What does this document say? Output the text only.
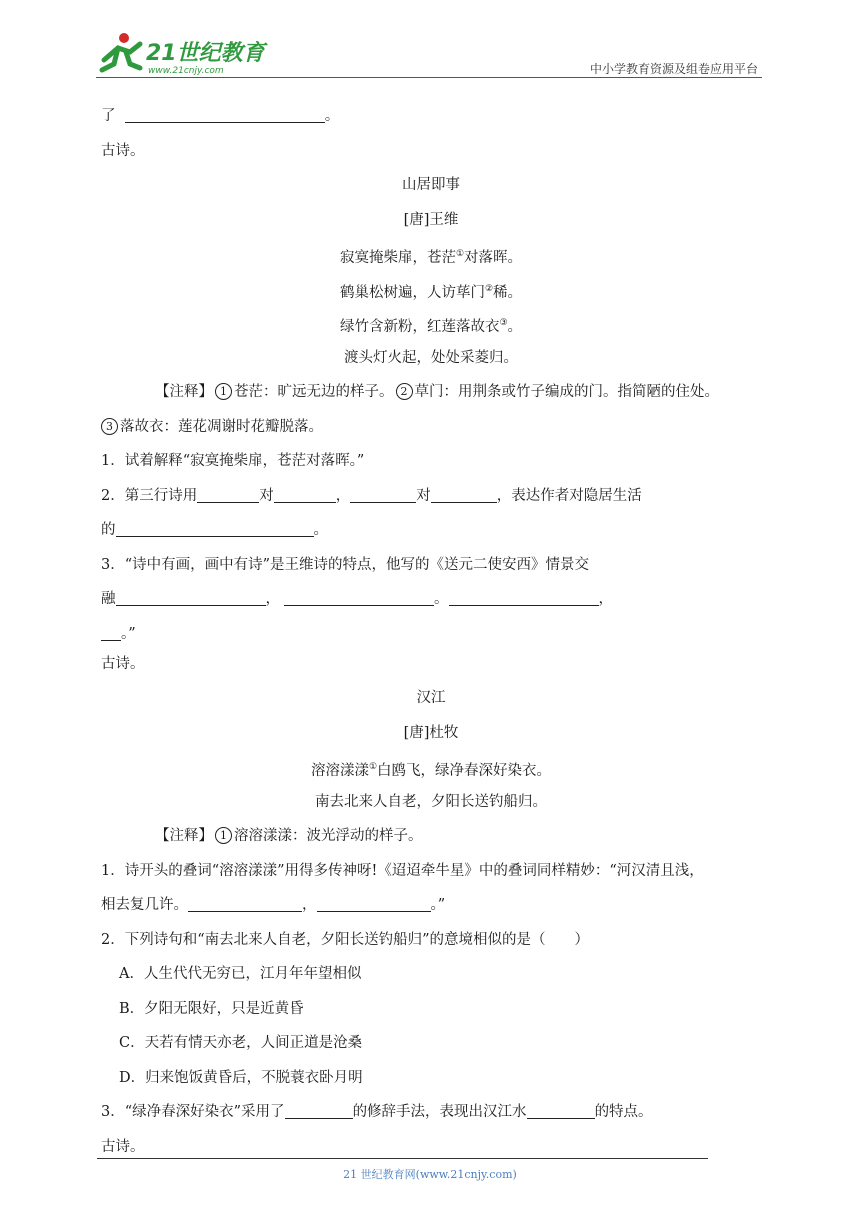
21世纪教育
www.21cnjy.com	中小学教育资源及组卷应用平台
了	。
古诗。
山居即事
[唐]王维
寂寞掩柴扉，苍茫①对落晖。
鹤巢松树遍，人访荜门②稀。
绿竹含新粉，红莲落故衣③。
渡头灯火起，处处采菱归。
【注释】 1 苍茫：旷远无边的样子。 2 草门：用荆条或竹子编成的门。指简陋的住处。
3 落故衣：莲花凋谢时花瓣脱落。
1．试着解释“寂寞掩柴扉，苍茫对落晖。”
2．第三行诗用	对	，	对	，表达作者对隐居生活
的	。
3．“诗中有画，画中有诗”是王维诗的特点，他写的《送元二使安西》情景交
融	，	。	，
。”
古诗。
汉江
[唐]杜牧
溶溶漾漾①白鸥飞，绿净春深好染衣。
南去北来人自老，夕阳长送钓船归。
【注释】 1 溶溶漾漾：波光浮动的样子。
1．诗开头的叠词“溶溶漾漾”用得多传神呀!《迢迢牵牛星》中的叠词同样精妙：“河汉清且浅，
相去复几许。	，	。”
2．下列诗句和“南去北来人自老，夕阳长送钓船归”的意境相似的是（　　）
A．人生代代无穷已，江月年年望相似
B．夕阳无限好，只是近黄昏
C．天若有情天亦老，人间正道是沧桑
D．归来饱饭黄昏后，不脱蓑衣卧月明
3．“绿净春深好染衣”采用了	的修辞手法，表现出汉江水	的特点。
古诗。
21 世纪教育网(www.21cnjy.com)
